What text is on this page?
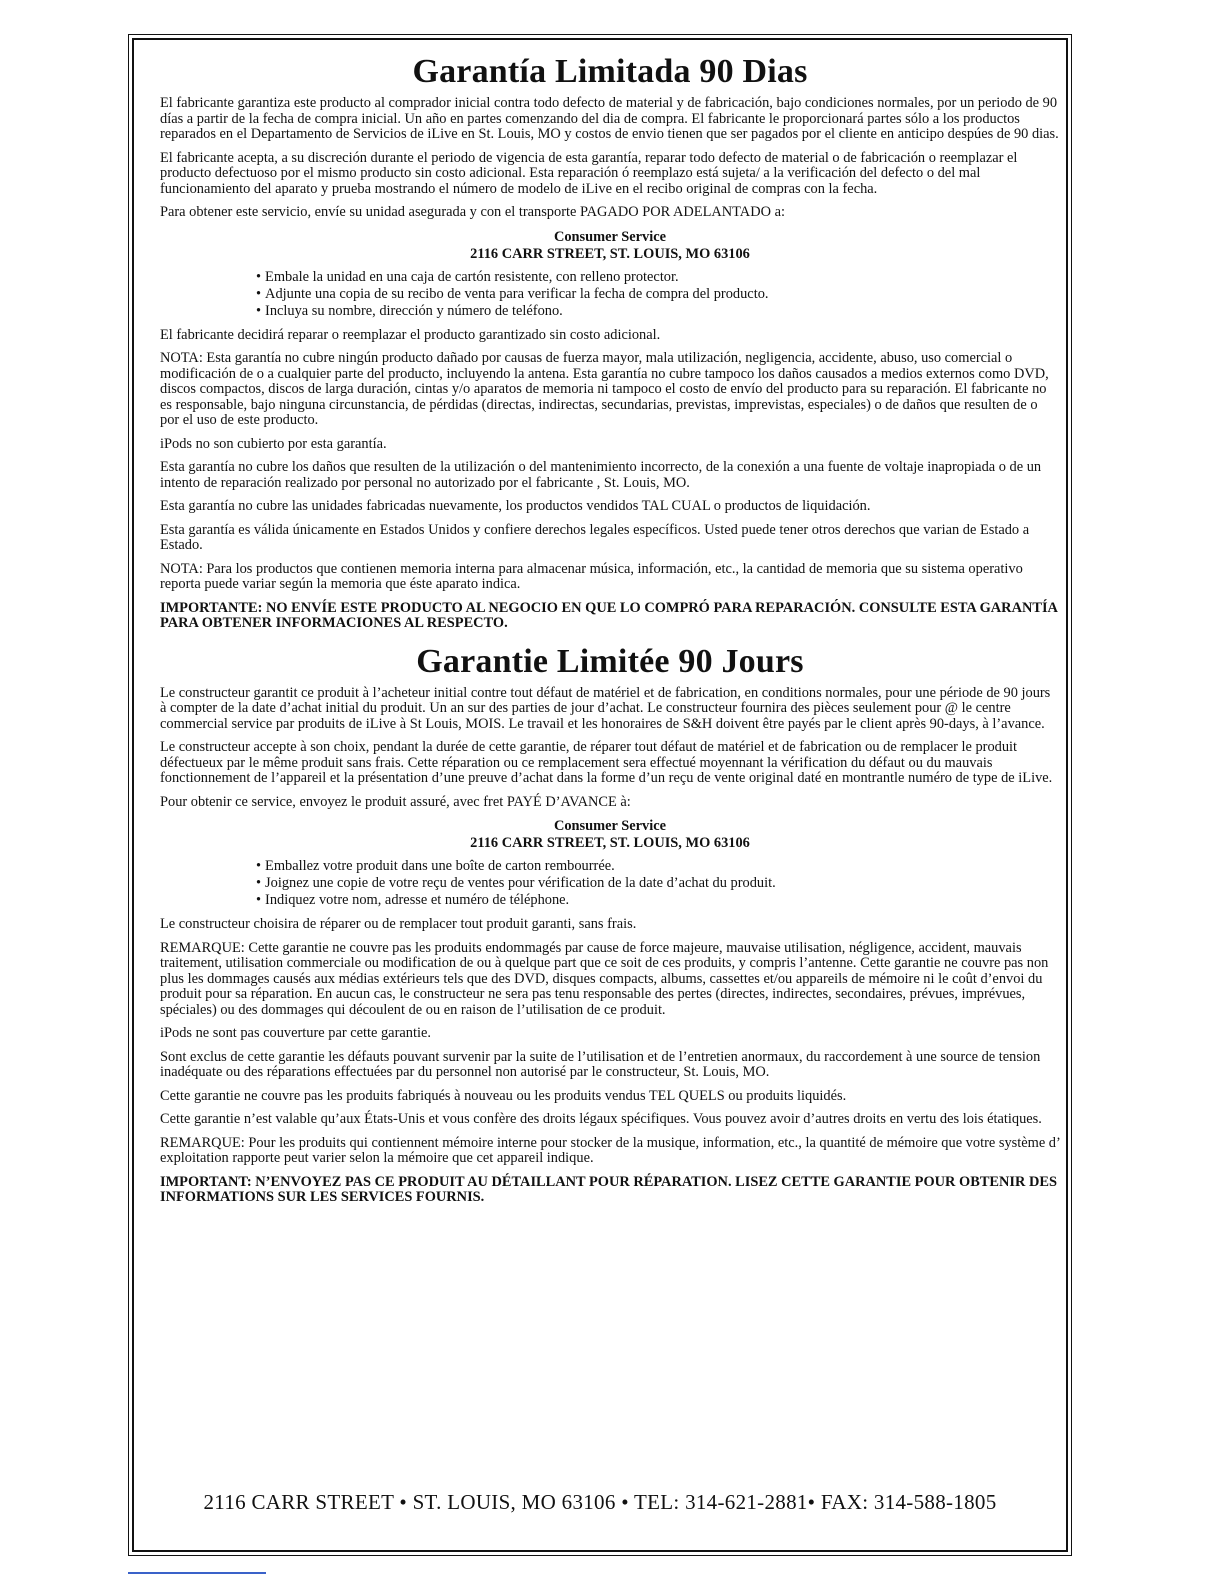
Garantía Limitada 90 Dias

El fabricante garantiza este producto al comprador inicial contra todo defecto de material y de fabricación, bajo condiciones normales, por un periodo de 90 días a partir de la fecha de compra inicial. Un año en partes comenzando del dia de compra. El fabricante le proporcionará partes sólo a los productos reparados en el Departamento de Servicios de iLive en St. Louis, MO y costos de envio tienen que ser pagados por el cliente en anticipo despúes de 90 dias.

El fabricante acepta, a su discreción durante el periodo de vigencia de esta garantía, reparar todo defecto de material o de fabricación o reemplazar el producto defectuoso por el mismo producto sin costo adicional. Esta reparación ó reemplazo está sujeta/ a la verificación del defecto o del mal funcionamiento del aparato y prueba mostrando el número de modelo de iLive en el recibo original de compras con la fecha.

Para obtener este servicio, envíe su unidad asegurada y con el transporte PAGADO POR ADELANTADO a:

Consumer Service
2116 CARR STREET, ST. LOUIS, MO 63106
• Embale la unidad en una caja de cartón resistente, con relleno protector.
• Adjunte una copia de su recibo de venta para verificar la fecha de compra del producto.
• Incluya su nombre, dirección y número de teléfono.

El fabricante decidirá reparar o reemplazar el producto garantizado sin costo adicional.

NOTA: Esta garantía no cubre ningún producto dañado por causas de fuerza mayor, mala utilización, negligencia, accidente, abuso, uso comercial o modificación de o a cualquier parte del producto, incluyendo la antena. Esta garantía no cubre tampoco los daños causados a medios externos como DVD, discos compactos, discos de larga duración, cintas y/o aparatos de memoria ni tampoco el costo de envío del producto para su reparación. El fabricante no es responsable, bajo ninguna circunstancia, de pérdidas (directas, indirectas, secundarias, previstas, imprevistas, especiales) o de daños que resulten de o por el uso de este producto.

iPods no son cubierto por esta garantía.

Esta garantía no cubre los daños que resulten de la utilización o del mantenimiento incorrecto, de la conexión a una fuente de voltaje inapropiada o de un intento de reparación realizado por personal no autorizado por el fabricante , St. Louis, MO.

Esta garantía no cubre las unidades fabricadas nuevamente, los productos vendidos TAL CUAL o productos de liquidación.

Esta garantía es válida únicamente en Estados Unidos y confiere derechos legales específicos. Usted puede tener otros derechos que varian de Estado a Estado.

NOTA: Para los productos que contienen memoria interna para almacenar música, información, etc., la cantidad de memoria que su sistema operativo reporta puede variar según la memoria que éste aparato indica.

IMPORTANTE: NO ENVÍE ESTE PRODUCTO AL NEGOCIO EN QUE LO COMPRÓ PARA REPARACIÓN. CONSULTE ESTA GARANTÍA PARA OBTENER INFORMACIONES AL RESPECTO.

Garantie Limitée 90 Jours

Le constructeur garantit ce produit à l’acheteur initial contre tout défaut de matériel et de fabrication, en conditions normales, pour une période de 90 jours à compter de la date d’achat initial du produit. Un an sur des parties de jour d’achat. Le constructeur fournira des pièces seulement pour @ le centre commercial service par produits de iLive à St Louis, MOIS. Le travail et les honoraires de S&H doivent être payés par le client après 90-days, à l’avance.

Le constructeur accepte à son choix, pendant la durée de cette garantie, de réparer tout défaut de matériel et de fabrication ou de remplacer le produit défectueux par le même produit sans frais. Cette réparation ou ce remplacement sera effectué moyennant la vérification du défaut ou du mauvais fonctionnement de l’appareil et la présentation d’une preuve d’achat dans la forme d’un reçu de vente original daté en montrantle numéro de type de iLive.

Pour obtenir ce service, envoyez le produit assuré, avec fret PAYÉ D’AVANCE à:

Consumer Service
2116 CARR STREET, ST. LOUIS, MO 63106
• Emballez votre produit dans une boîte de carton rembourrée.
• Joignez une copie de votre reçu de ventes pour vérification de la date d’achat du produit.
• Indiquez votre nom, adresse et numéro de téléphone.

Le constructeur choisira de réparer ou de remplacer tout produit garanti, sans frais.

REMARQUE: Cette garantie ne couvre pas les produits endommagés par cause de force majeure, mauvaise utilisation, négligence, accident, mauvais traitement, utilisation commerciale ou modification de ou à quelque part que ce soit de ces produits, y compris l’antenne. Cette garantie ne couvre pas non plus les dommages causés aux médias extérieurs tels que des DVD, disques compacts, albums, cassettes et/ou appareils de mémoire ni le coût d’envoi du produit pour sa réparation. En aucun cas, le constructeur ne sera pas tenu responsable des pertes (directes, indirectes, secondaires, prévues, imprévues, spéciales) ou des dommages qui découlent de ou en raison de l’utilisation de ce produit.

iPods ne sont pas couverture par cette garantie.

Sont exclus de cette garantie les défauts pouvant survenir par la suite de l’utilisation et de l’entretien anormaux, du raccordement à une source de tension inadéquate ou des réparations effectuées par du personnel non autorisé par le constructeur, St. Louis, MO.

Cette garantie ne couvre pas les produits fabriqués à nouveau ou les produits vendus TEL QUELS ou produits liquidés.

Cette garantie n’est valable qu’aux États-Unis et vous confère des droits légaux spécifiques. Vous pouvez avoir d’autres droits en vertu des lois étatiques.

REMARQUE: Pour les produits qui contiennent mémoire interne pour stocker de la musique, information, etc., la quantité de mémoire que votre système d’ exploitation rapporte peut varier selon la mémoire que cet appareil indique.

IMPORTANT: N’ENVOYEZ PAS CE PRODUIT AU DÉTAILLANT POUR RÉPARATION. LISEZ CETTE GARANTIE POUR OBTENIR DES INFORMATIONS SUR LES SERVICES FOURNIS.

2116 CARR STREET • ST. LOUIS, MO 63106 • TEL: 314-621-2881• FAX: 314-588-1805
